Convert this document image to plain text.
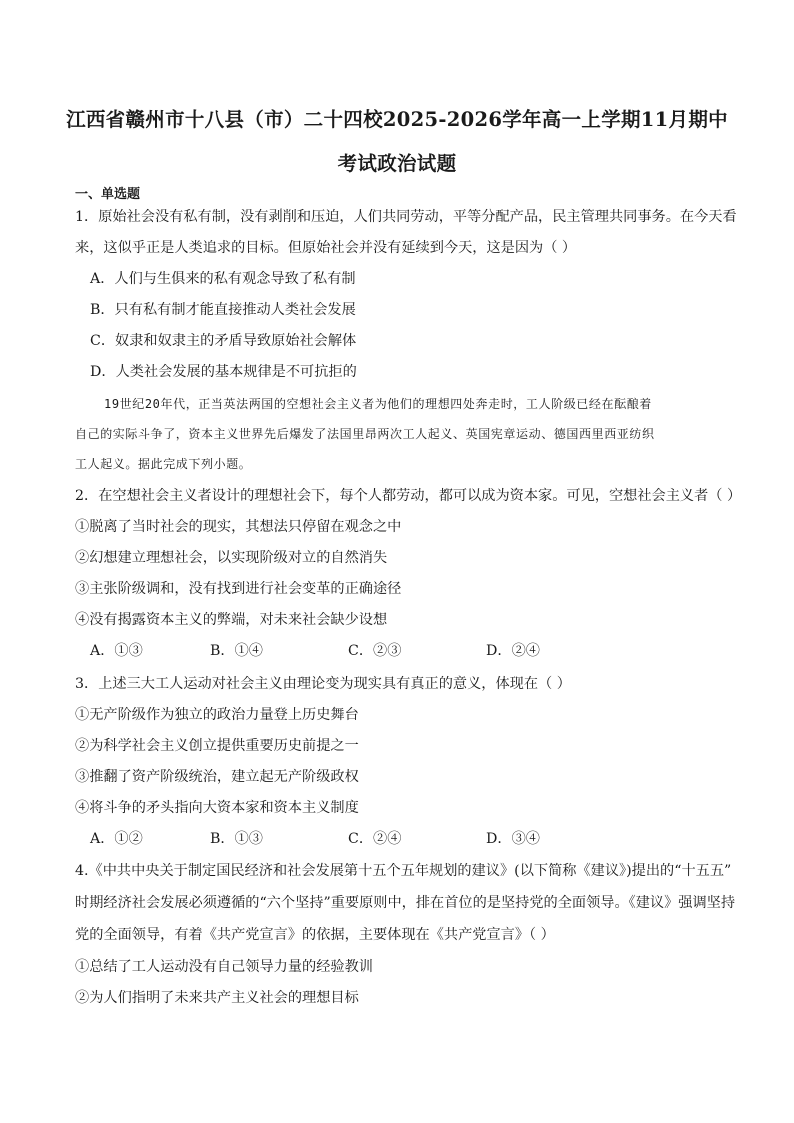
江西省赣州市十八县（市）二十四校2025-2026学年高一上学期11月期中
考试政治试题
一、单选题
1．原始社会没有私有制，没有剥削和压迫，人们共同劳动，平等分配产品，民主管理共同事务。在今天看
来，这似乎正是人类追求的目标。但原始社会并没有延续到今天，这是因为（ ）
A．人们与生俱来的私有观念导致了私有制
B．只有私有制才能直接推动人类社会发展
C．奴隶和奴隶主的矛盾导致原始社会解体
D．人类社会发展的基本规律是不可抗拒的
19世纪20年代，正当英法两国的空想社会主义者为他们的理想四处奔走时，工人阶级已经在酝酿着
自己的实际斗争了，资本主义世界先后爆发了法国里昂两次工人起义、英国宪章运动、德国西里西亚纺织
工人起义。据此完成下列小题。
2．在空想社会主义者设计的理想社会下，每个人都劳动，都可以成为资本家。可见，空想社会主义者（ ）
①脱离了当时社会的现实，其想法只停留在观念之中
②幻想建立理想社会，以实现阶级对立的自然消失
③主张阶级调和，没有找到进行社会变革的正确途径
④没有揭露资本主义的弊端，对未来社会缺少设想
A．①③	B．①④	C．②③	D．②④
3．上述三大工人运动对社会主义由理论变为现实具有真正的意义，体现在（ ）
①无产阶级作为独立的政治力量登上历史舞台
②为科学社会主义创立提供重要历史前提之一
③推翻了资产阶级统治，建立起无产阶级政权
④将斗争的矛头指向大资本家和资本主义制度
A．①②	B．①③	C．②④	D．③④
4.《中共中央关于制定国民经济和社会发展第十五个五年规划的建议》(以下简称《建议》)提出的“十五五”
时期经济社会发展必须遵循的“六个坚持”重要原则中，排在首位的是坚持党的全面领导。《建议》强调坚持
党的全面领导，有着《共产党宣言》的依据，主要体现在《共产党宣言》（ ）
①总结了工人运动没有自己领导力量的经验教训
②为人们指明了未来共产主义社会的理想目标
